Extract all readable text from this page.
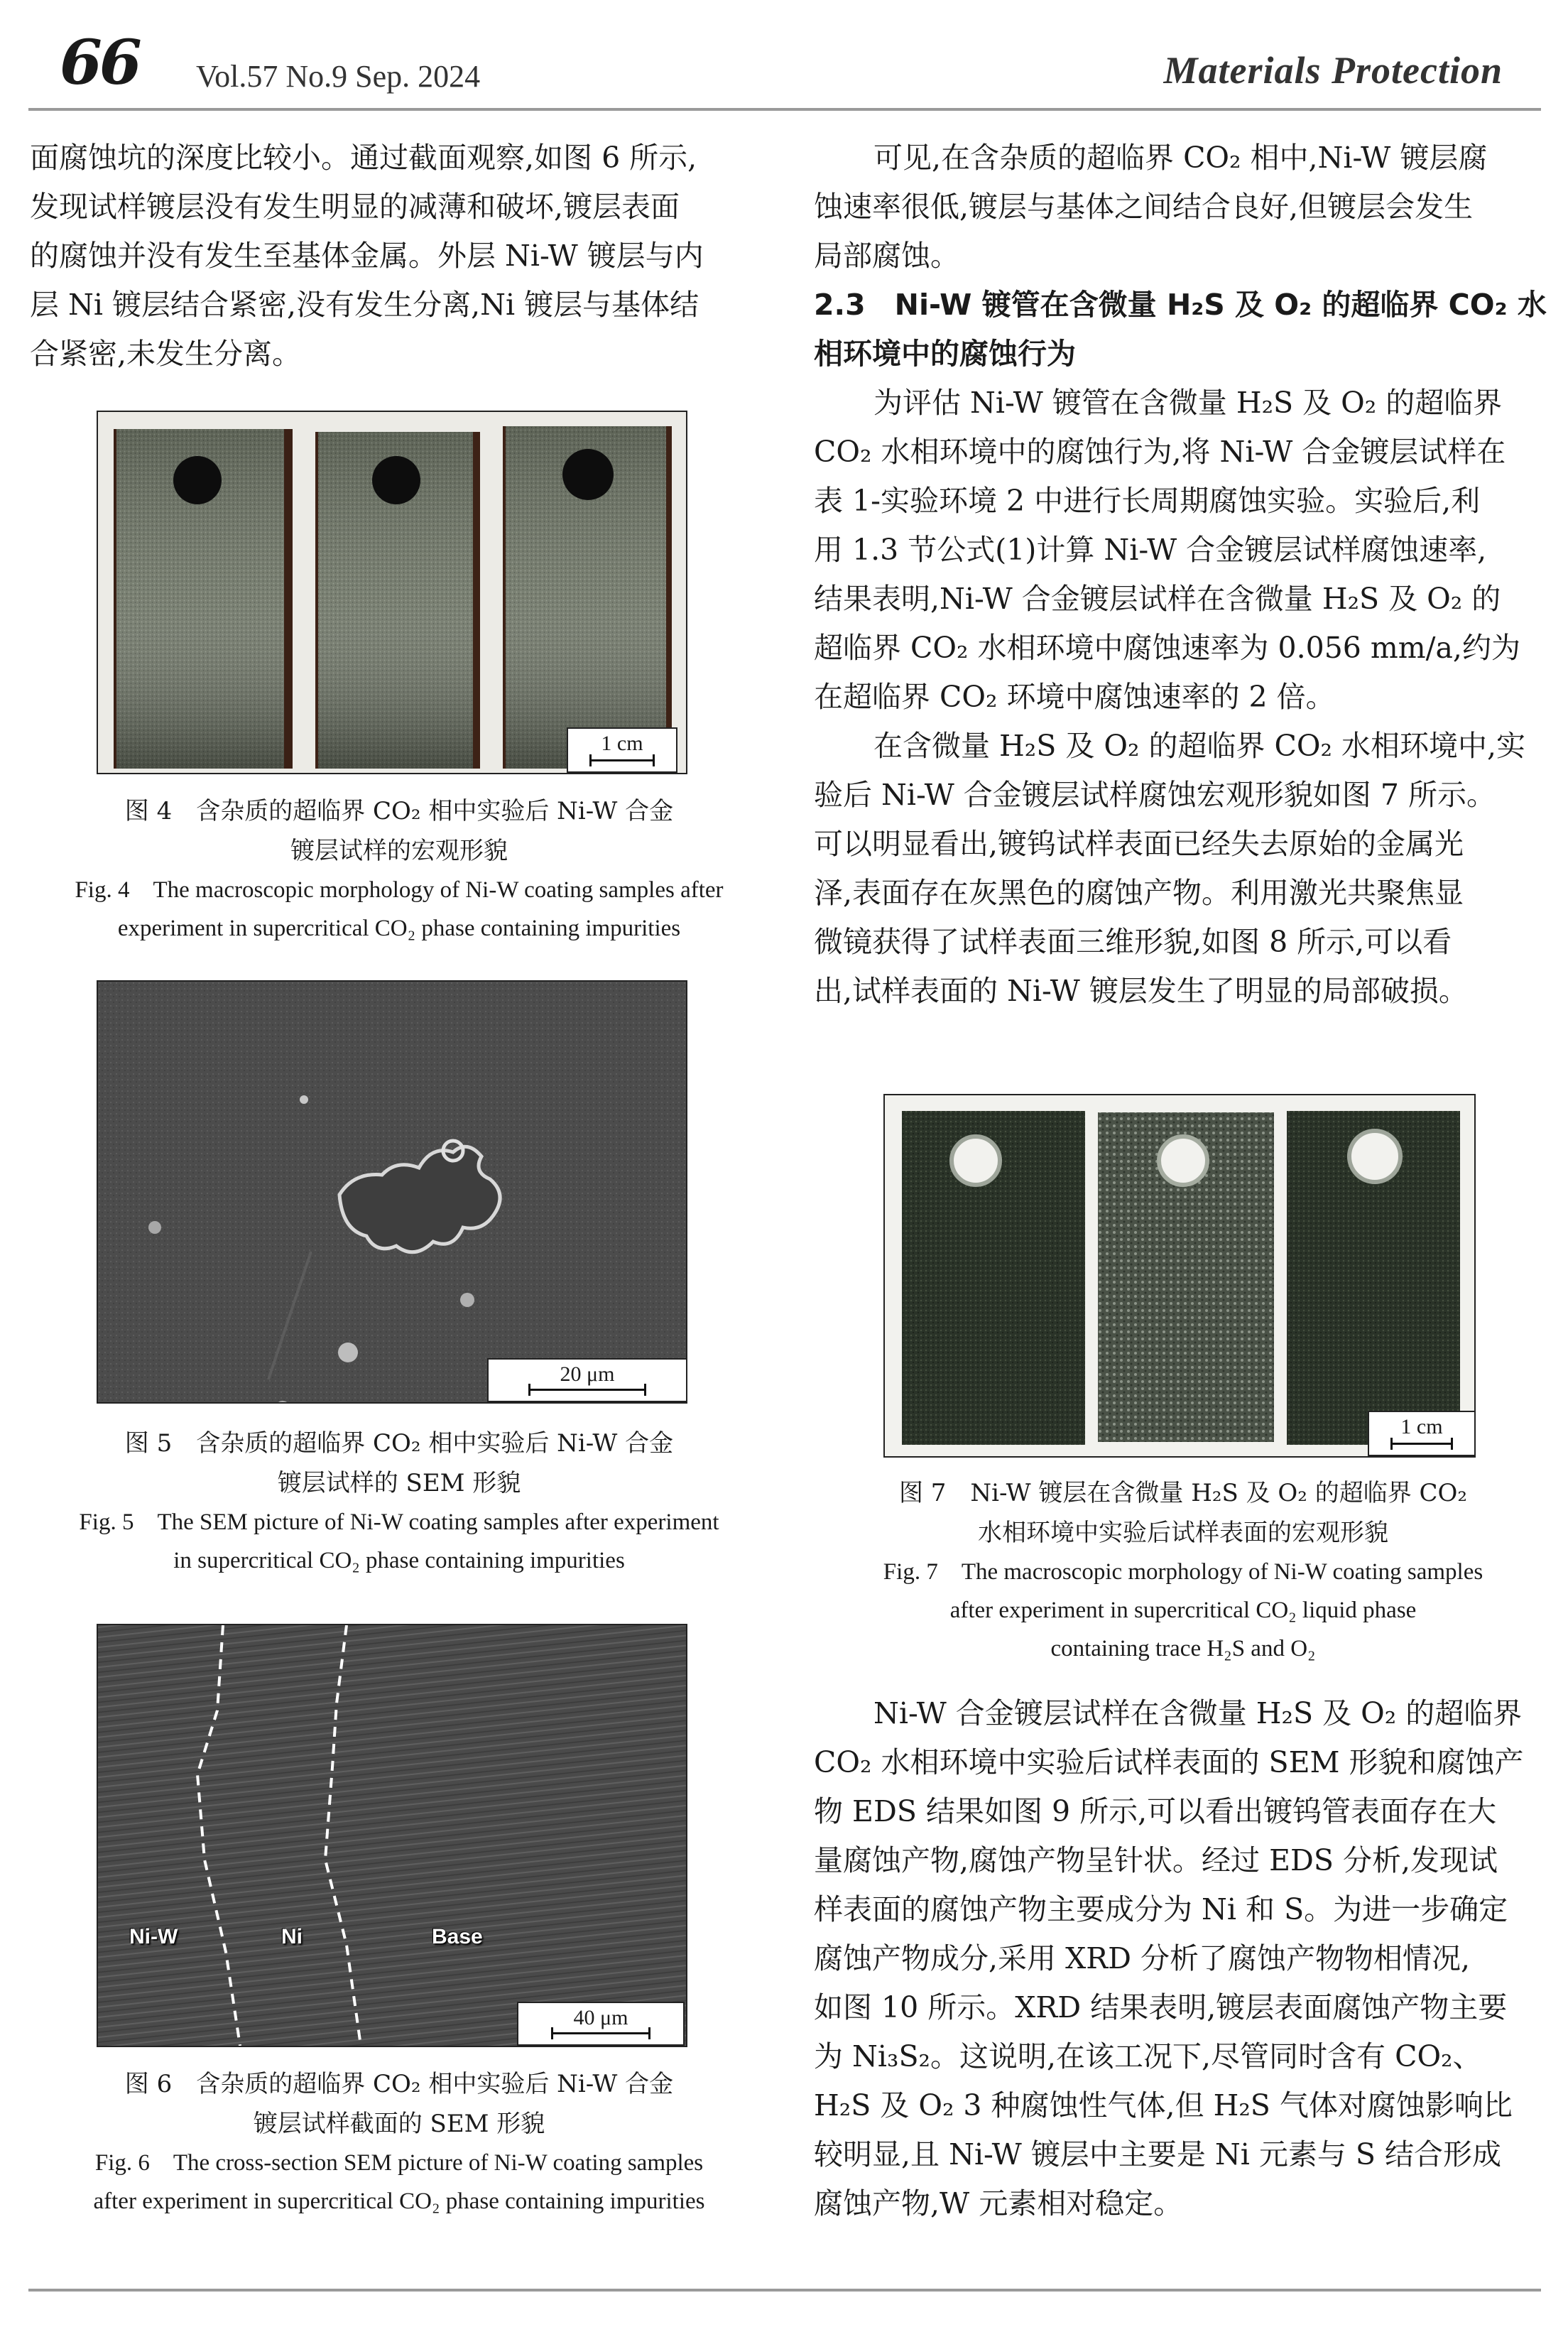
66 Vol.57 No.9 Sep. 2024	Materials Protection

面腐蚀坑的深度比较小。通过截面观察,如图 6 所示,

发现试样镀层没有发生明显的减薄和破坏,镀层表面

的腐蚀并没有发生至基体金属。外层 Ni-W 镀层与内

层 Ni 镀层结合紧密,没有发生分离,Ni 镀层与基体结

合紧密,未发生分离。

1 cm
图 4　含杂质的超临界 CO₂ 相中实验后 Ni-W 合金
镀层试样的宏观形貌
Fig. 4　The macroscopic morphology of Ni-W coating samples after
experiment in supercritical CO₂ phase containing impurities
20 μm
图 5　含杂质的超临界 CO₂ 相中实验后 Ni-W 合金
镀层试样的 SEM 形貌
Fig. 5　The SEM picture of Ni-W coating samples after experiment
in supercritical CO₂ phase containing impurities
Ni-W	Ni	Base
40 μm
图 6　含杂质的超临界 CO₂ 相中实验后 Ni-W 合金
镀层试样截面的 SEM 形貌
Fig. 6　The cross-section SEM picture of Ni-W coating samples
after experiment in supercritical CO₂ phase containing impurities

可见,在含杂质的超临界 CO₂ 相中,Ni-W 镀层腐

蚀速率很低,镀层与基体之间结合良好,但镀层会发生

局部腐蚀。

2.3　Ni-W 镀管在含微量 H₂S 及 O₂ 的超临界 CO₂ 水

相环境中的腐蚀行为

为评估 Ni-W 镀管在含微量 H₂S 及 O₂ 的超临界

CO₂ 水相环境中的腐蚀行为,将 Ni-W 合金镀层试样在

表 1-实验环境 2 中进行长周期腐蚀实验。实验后,利

用 1.3 节公式(1)计算 Ni-W 合金镀层试样腐蚀速率,

结果表明,Ni-W 合金镀层试样在含微量 H₂S 及 O₂ 的

超临界 CO₂ 水相环境中腐蚀速率为 0.056 mm/a,约为

在超临界 CO₂ 环境中腐蚀速率的 2 倍。

在含微量 H₂S 及 O₂ 的超临界 CO₂ 水相环境中,实

验后 Ni-W 合金镀层试样腐蚀宏观形貌如图 7 所示。

可以明显看出,镀钨试样表面已经失去原始的金属光

泽,表面存在灰黑色的腐蚀产物。利用激光共聚焦显

微镜获得了试样表面三维形貌,如图 8 所示,可以看

出,试样表面的 Ni-W 镀层发生了明显的局部破损。

1 cm
图 7　Ni-W 镀层在含微量 H₂S 及 O₂ 的超临界 CO₂
水相环境中实验后试样表面的宏观形貌
Fig. 7　The macroscopic morphology of Ni-W coating samples
after experiment in supercritical CO₂ liquid phase
containing trace H₂S and O₂

Ni-W 合金镀层试样在含微量 H₂S 及 O₂ 的超临界

CO₂ 水相环境中实验后试样表面的 SEM 形貌和腐蚀产

物 EDS 结果如图 9 所示,可以看出镀钨管表面存在大

量腐蚀产物,腐蚀产物呈针状。经过 EDS 分析,发现试

样表面的腐蚀产物主要成分为 Ni 和 S。为进一步确定

腐蚀产物成分,采用 XRD 分析了腐蚀产物物相情况,

如图 10 所示。XRD 结果表明,镀层表面腐蚀产物主要

为 Ni₃S₂。这说明,在该工况下,尽管同时含有 CO₂、

H₂S 及 O₂ 3 种腐蚀性气体,但 H₂S 气体对腐蚀影响比

较明显,且 Ni-W 镀层中主要是 Ni 元素与 S 结合形成

腐蚀产物,W 元素相对稳定。
